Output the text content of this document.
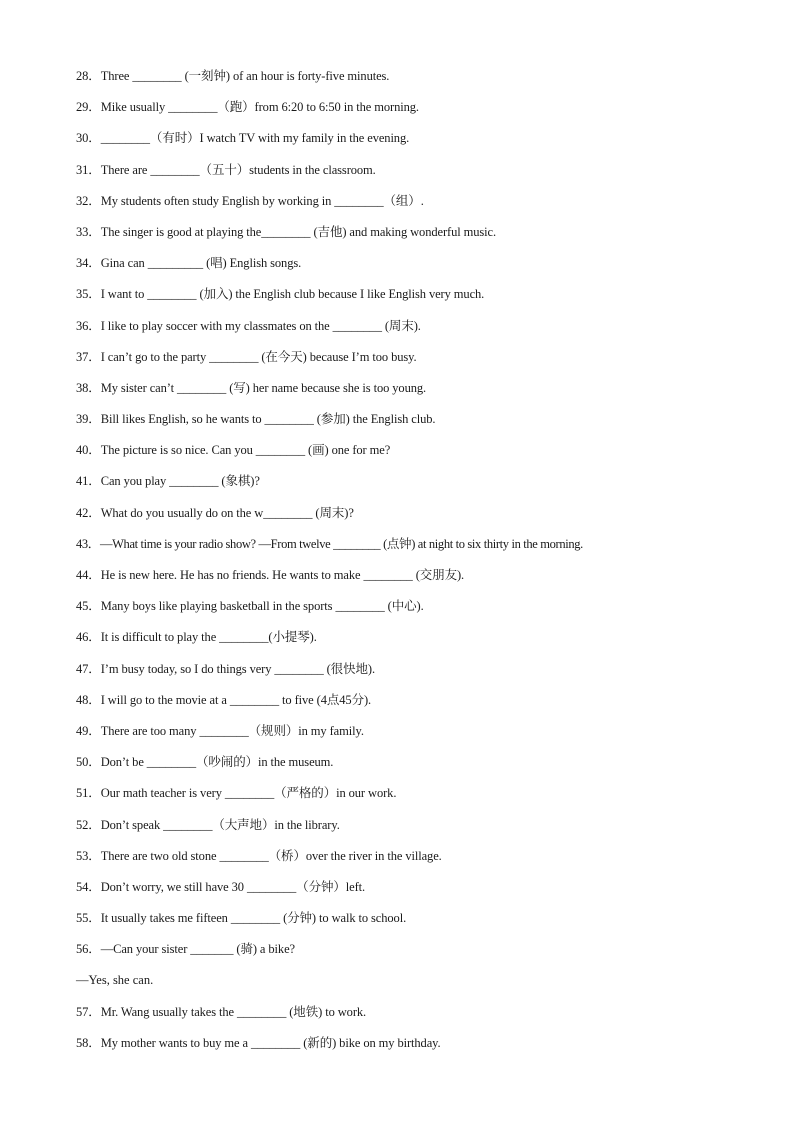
28．Three ________ (一刻钟) of an hour is forty-five minutes.
29．Mike usually ________（跑）from 6:20 to 6:50 in the morning.
30．________（有时）I watch TV with my family in the evening.
31．There are ________（五十）students in the classroom.
32．My students often study English by working in ________（组）.
33．The singer is good at playing the________ (吉他) and making wonderful music.
34．Gina can _________ (唱) English songs.
35．I want to ________ (加入) the English club because I like English very much.
36．I like to play soccer with my classmates on the ________ (周末).
37．I can’t go to the party ________ (在今天) because I’m too busy.
38．My sister can’t ________ (写) her name because she is too young.
39．Bill likes English, so he wants to ________ (参加) the English club.
40．The picture is so nice. Can you ________ (画) one for me?
41．Can you play ________ (象棋)?
42．What do you usually do on the w________ (周末)?
43．—What time is your radio show? —From twelve ________ (点钟) at night to six thirty in the morning.
44．He is new here. He has no friends. He wants to make ________ (交朋友).
45．Many boys like playing basketball in the sports ________ (中心).
46．It is difficult to play the ________(小提琴).
47．I’m busy today, so I do things very ________ (很快地).
48．I will go to the movie at a ________ to five (4点45分).
49．There are too many ________（规则）in my family.
50．Don’t be ________（吵闹的）in the museum.
51．Our math teacher is very ________（严格的）in our work.
52．Don’t speak ________（大声地）in the library.
53．There are two old stone ________（桥）over the river in the village.
54．Don’t worry, we still have 30 ________（分钟）left.
55．It usually takes me fifteen ________ (分钟) to walk to school.
56．—Can your sister _______ (骑) a bike?
—Yes, she can.
57．Mr. Wang usually takes the ________ (地铁) to work.
58．My mother wants to buy me a ________ (新的) bike on my birthday.
